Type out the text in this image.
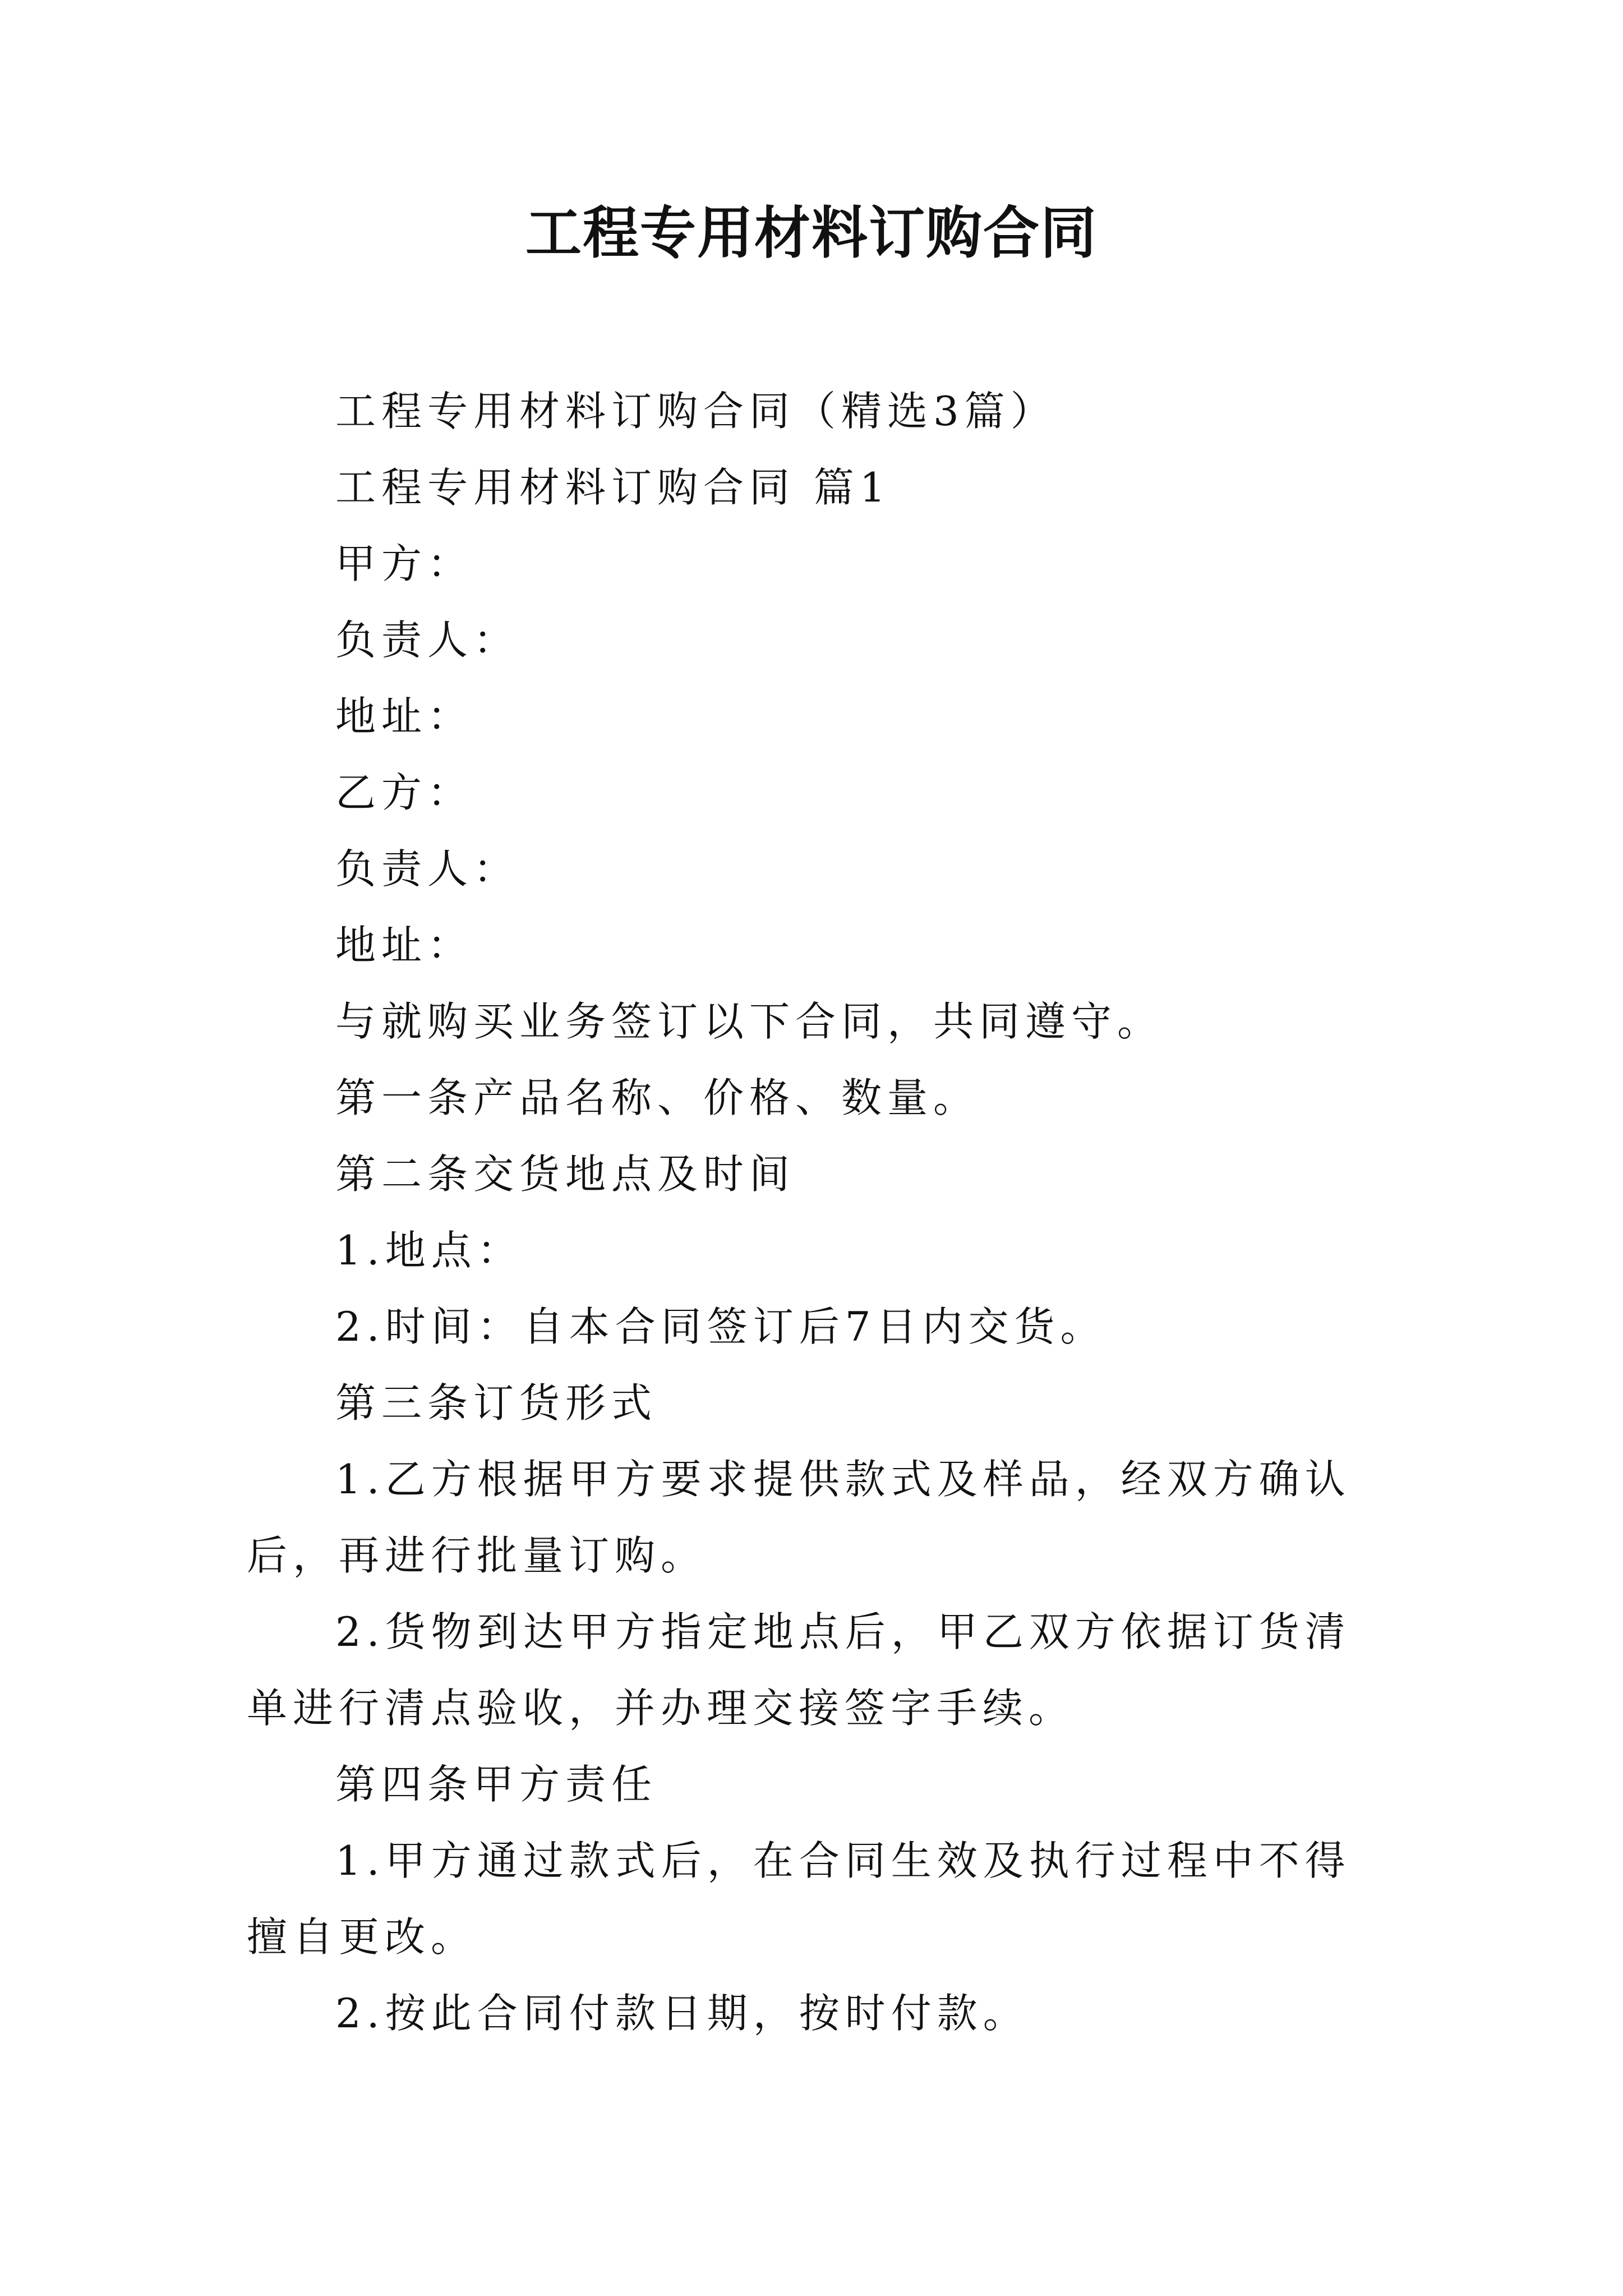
工程专用材料订购合同

工程专用材料订购合同（精选3篇）

工程专用材料订购合同 篇1

甲方：

负责人：

地址：

乙方：

负责人：

地址：

与就购买业务签订以下合同，共同遵守。

第一条产品名称、价格、数量。

第二条交货地点及时间

1.地点：

2.时间：自本合同签订后7日内交货。

第三条订货形式

1.乙方根据甲方要求提供款式及样品，经双方确认后，再进行批量订购。

2.货物到达甲方指定地点后，甲乙双方依据订货清单进行清点验收，并办理交接签字手续。

第四条甲方责任

1.甲方通过款式后，在合同生效及执行过程中不得擅自更改。

2.按此合同付款日期，按时付款。
